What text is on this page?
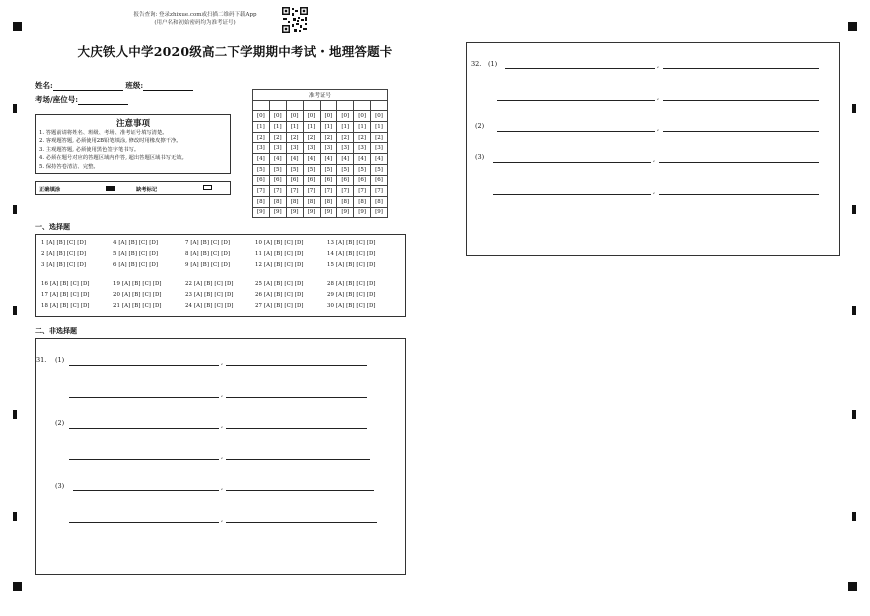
报告查询: 登录zhixue.com或扫描二维码下载App
(用户名和初始密码均为准考证号)
大庆铁人中学2020级高二下学期期中考试・地理答题卡
姓名:	班级:
考场/座位号:
注意事项
1. 答题前请将姓名、班级、考场、准考证号填写清楚。
2. 客观题答题, 必须使用2B铅笔填涂, 修改时用橡皮擦干净。
3. 主观题答题, 必须使用黑色签字笔书写。
4. 必须在题号对应的答题区域内作答, 超出答题区域书写无效。
5. 保持答卷清洁、完整。
正确填涂	缺考标记
准考证号							

[0]	[0]	[0]	[0]	[0]	[0]	[0]	[0]
[1]	[1]	[1]	[1]	[1]	[1]	[1]	[1]
[2]	[2]	[2]	[2]	[2]	[2]	[2]	[2]
[3]	[3]	[3]	[3]	[3]	[3]	[3]	[3]
[4]	[4]	[4]	[4]	[4]	[4]	[4]	[4]
[5]	[5]	[5]	[5]	[5]	[5]	[5]	[5]
[6]	[6]	[6]	[6]	[6]	[6]	[6]	[6]
[7]	[7]	[7]	[7]	[7]	[7]	[7]	[7]
[8]	[8]	[8]	[8]	[8]	[8]	[8]	[8]
[9]	[9]	[9]	[9]	[9]	[9]	[9]	[9]
一、选择题
1 [A] [B] [C] [D]	4 [A] [B] [C] [D]	7 [A] [B] [C] [D]	10 [A] [B] [C] [D]	13 [A] [B] [C] [D]
2 [A] [B] [C] [D]	5 [A] [B] [C] [D]	8 [A] [B] [C] [D]	11 [A] [B] [C] [D]	14 [A] [B] [C] [D]
3 [A] [B] [C] [D]	6 [A] [B] [C] [D]	9 [A] [B] [C] [D]	12 [A] [B] [C] [D]	15 [A] [B] [C] [D]
16 [A] [B] [C] [D]	19 [A] [B] [C] [D]	22 [A] [B] [C] [D]	25 [A] [B] [C] [D]	28 [A] [B] [C] [D]
17 [A] [B] [C] [D]	20 [A] [B] [C] [D]	23 [A] [B] [C] [D]	26 [A] [B] [C] [D]	29 [A] [B] [C] [D]
18 [A] [B] [C] [D]	21 [A] [B] [C] [D]	24 [A] [B] [C] [D]	27 [A] [B] [C] [D]	30 [A] [B] [C] [D]
二、非选择题
31. (1)	,
,
(2)	,
,
(3)	,
,
32. (1)	,
,
(2)	,
(3)	,
,
